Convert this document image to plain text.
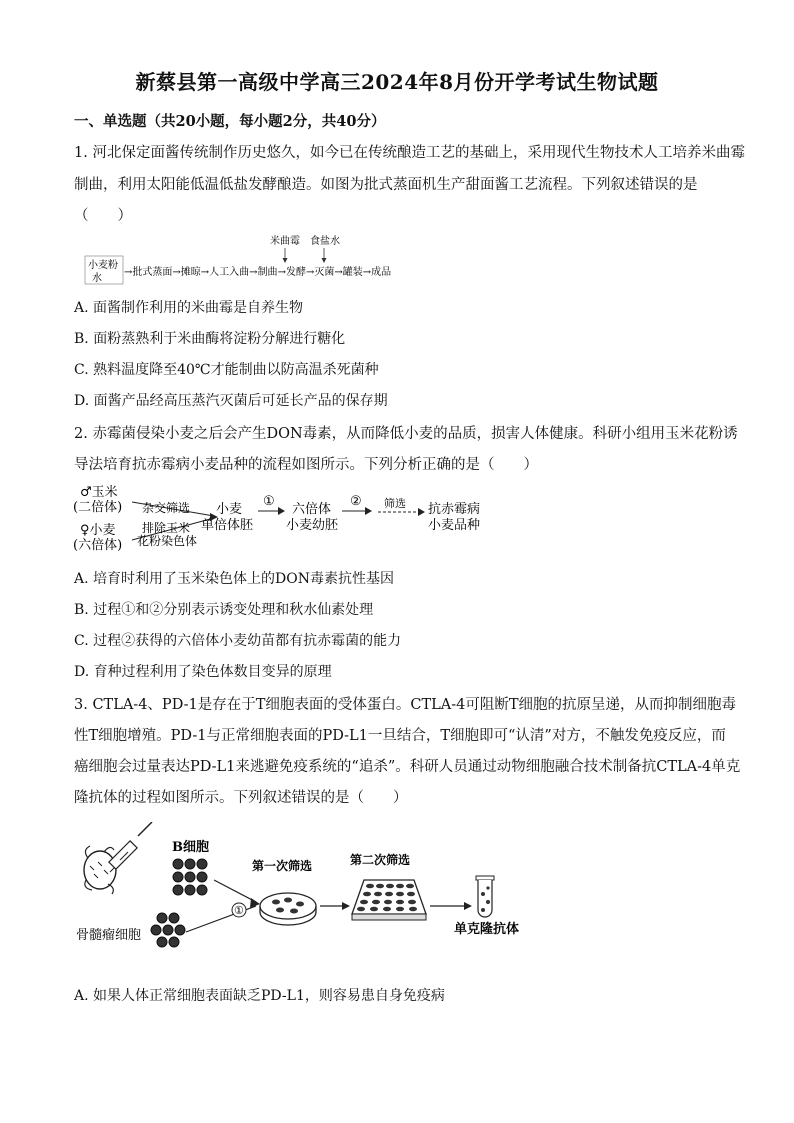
新蔡县第一高级中学高三2024年8月份开学考试生物试题
一、单选题（共20小题，每小题2分，共40分）
1. 河北保定面酱传统制作历史悠久，如今已在传统酿造工艺的基础上，采用现代生物技术人工培养米曲霉
制曲，利用太阳能低温低盐发酵酿造。如图为批式蒸面机生产甜面酱工艺流程。下列叙述错误的是
（　　）
米曲霉 食盐水
小麦粉
水
→批式蒸面→摊晾→人工入曲→制曲→发酵→灭菌→罐装→成品
A. 面酱制作利用的米曲霉是自养生物
B. 面粉蒸熟利于米曲酶将淀粉分解进行糖化
C. 熟料温度降至40℃才能制曲以防高温杀死菌种
D. 面酱产品经高压蒸汽灭菌后可延长产品的保存期
2. 赤霉菌侵染小麦之后会产生DON毒素，从而降低小麦的品质，损害人体健康。科研小组用玉米花粉诱
导法培育抗赤霉病小麦品种的流程如图所示。下列分析正确的是（　　）
♂玉米
(二倍体)
♀小麦
(六倍体)
杂交筛选
排除玉米
花粉染色体
小麦
单倍体胚
①
六倍体
小麦幼胚
② 筛选 抗赤霉病
小麦品种
A. 培育时利用了玉米染色体上的DON毒素抗性基因
B. 过程①和②分别表示诱变处理和秋水仙素处理
C. 过程②获得的六倍体小麦幼苗都有抗赤霉菌的能力
D. 育种过程利用了染色体数目变异的原理
3. CTLA-4、PD-1是存在于T细胞表面的受体蛋白。CTLA-4可阻断T细胞的抗原呈递，从而抑制细胞毒
性T细胞增殖。PD-1与正常细胞表面的PD-L1一旦结合，T细胞即可“认清”对方，不触发免疫反应，而
癌细胞会过量表达PD-L1来逃避免疫系统的“追杀”。科研人员通过动物细胞融合技术制备抗CTLA-4单克
隆抗体的过程如图所示。下列叙述错误的是（　　）
B细胞
骨髓瘤细胞
①
第一次筛选	第二次筛选
单克隆抗体
A. 如果人体正常细胞表面缺乏PD-L1，则容易患自身免疫病
